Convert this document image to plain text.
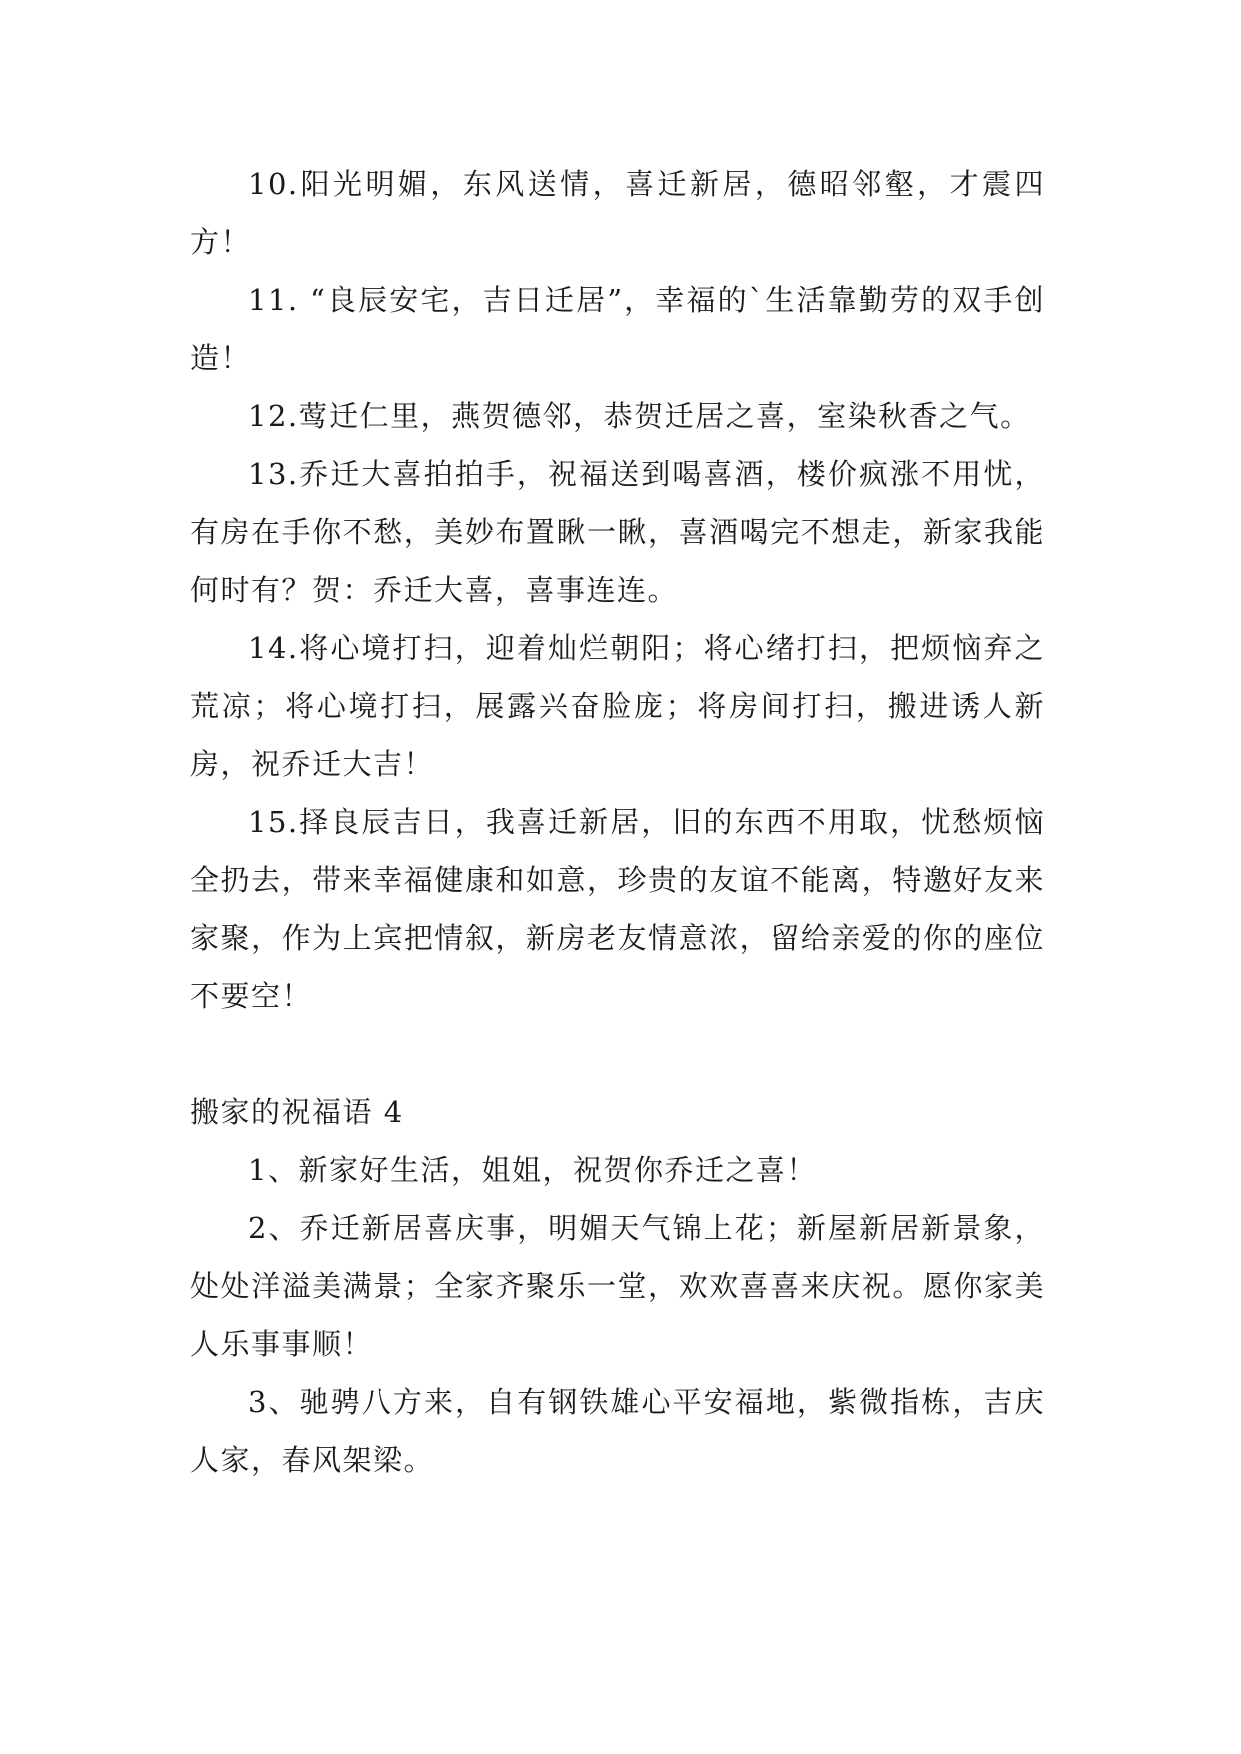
10.阳光明媚，东风送情，喜迁新居，德昭邻壑，才震四方！

11. “良辰安宅，吉日迁居”，幸福的`生活靠勤劳的双手创造！

12.莺迁仁里，燕贺德邻，恭贺迁居之喜，室染秋香之气。

13.乔迁大喜拍拍手，祝福送到喝喜酒，楼价疯涨不用忧，有房在手你不愁，美妙布置瞅一瞅，喜酒喝完不想走，新家我能何时有？贺：乔迁大喜，喜事连连。

14.将心境打扫，迎着灿烂朝阳；将心绪打扫，把烦恼弃之荒凉；将心境打扫，展露兴奋脸庞；将房间打扫，搬进诱人新房，祝乔迁大吉！

15.择良辰吉日，我喜迁新居，旧的东西不用取，忧愁烦恼全扔去，带来幸福健康和如意，珍贵的友谊不能离，特邀好友来家聚，作为上宾把情叙，新房老友情意浓，留给亲爱的你的座位不要空！

搬家的祝福语 4

1、新家好生活，姐姐，祝贺你乔迁之喜！

2、乔迁新居喜庆事，明媚天气锦上花；新屋新居新景象，处处洋溢美满景；全家齐聚乐一堂，欢欢喜喜来庆祝。愿你家美人乐事事顺！

3、驰骋八方来，自有钢铁雄心平安福地，紫微指栋，吉庆人家，春风架梁。
